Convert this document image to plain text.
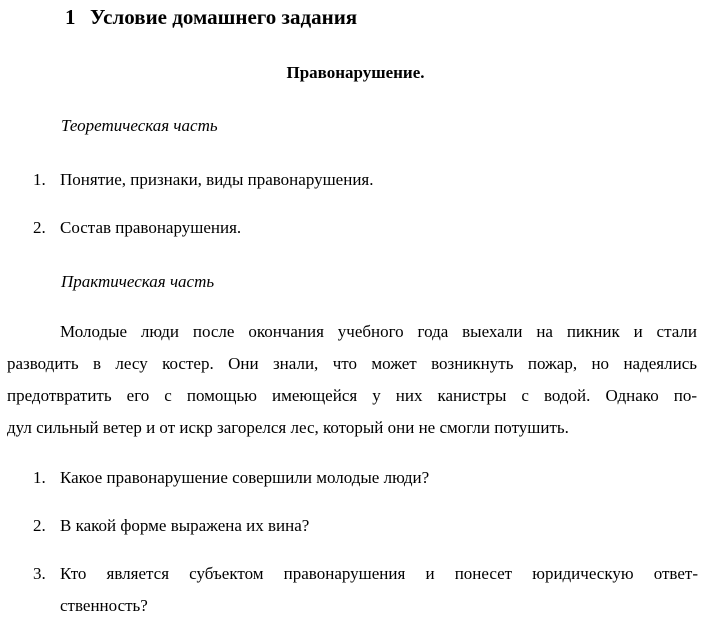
1 Условие домашнего задания
Правонарушение.
Теоретическая часть
1. Понятие, признаки, виды правонарушения.
2. Состав правонарушения.
Практическая часть
Молодые люди после окончания учебного года выехали на пикник и стали
разводить в лесу костер. Они знали, что может возникнуть пожар, но надеялись
предотвратить его с помощью имеющейся у них канистры с водой. Однако по-
дул сильный ветер и от искр загорелся лес, который они не смогли потушить.
1. Какое правонарушение совершили молодые люди?
2. В какой форме выражена их вина?
3. Кто является субъектом правонарушения и понесет юридическую ответ-
ственность?
